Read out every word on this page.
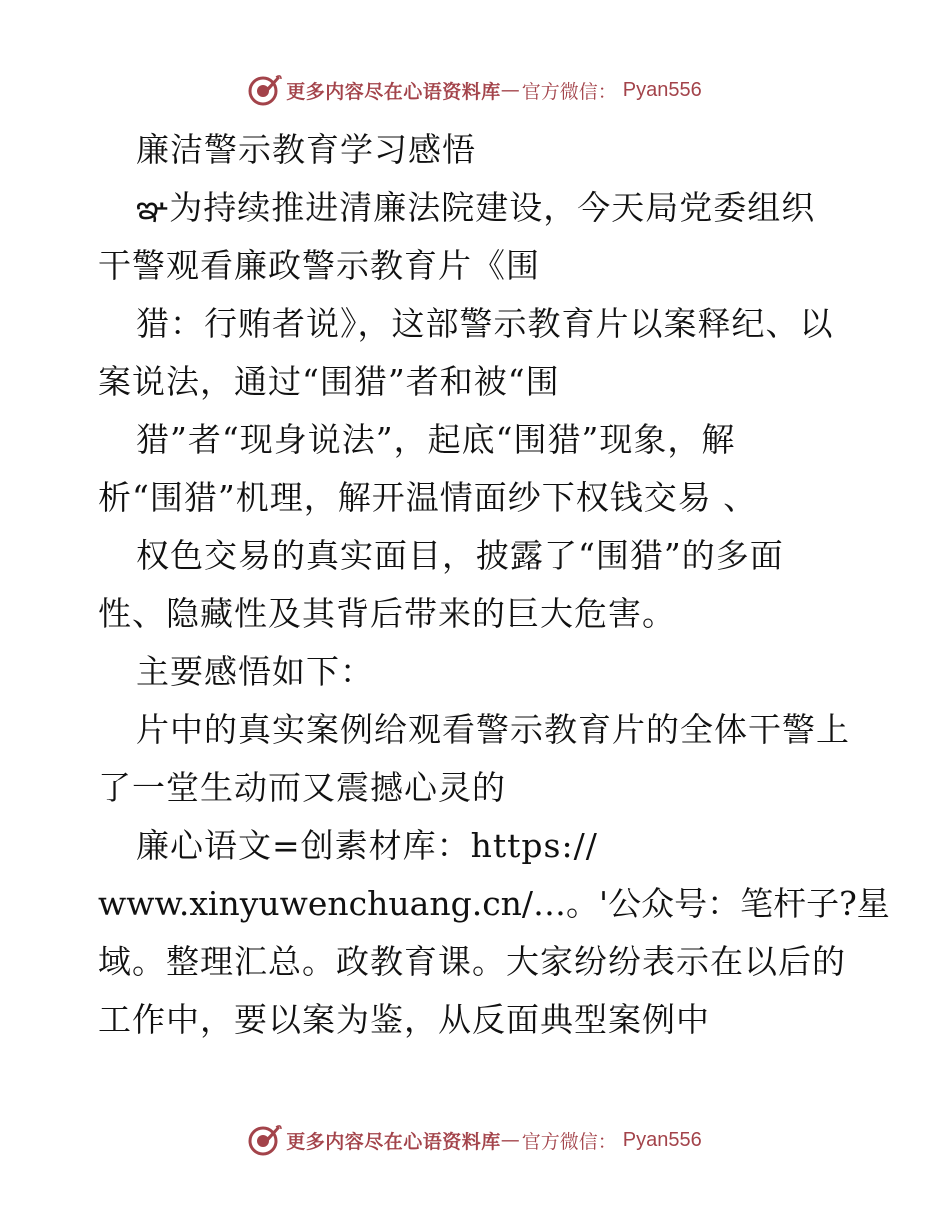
更多内容尽在心语资料库 — 官方微信： Pyan556
廉洁警示教育学习感悟
ఞ为持续推进清廉法院建设，今天局党委组织
干警观看廉政警示教育片《围
猎：行贿者说》，这部警示教育片以案释纪、以
案说法，通过“围猎”者和被“围
猎”者“现身说法”，起底“围猎”现象，解
析“围猎”机理，解开温情面纱下权钱交易 、
权色交易的真实面目，披露了“围猎”的多面
性、隐藏性及其背后带来的巨大危害。
主要感悟如下：
片中的真实案例给观看警示教育片的全体干警上
了一堂生动而又震撼心灵的
廉心语文=创素材库：https://
www.xinyuwenchuang.cn/…。'公众号：笔杆子?星
域。整理汇总。政教育课。大家纷纷表示在以后的
工作中，要以案为鉴，从反面典型案例中
更多内容尽在心语资料库 — 官方微信： Pyan556
